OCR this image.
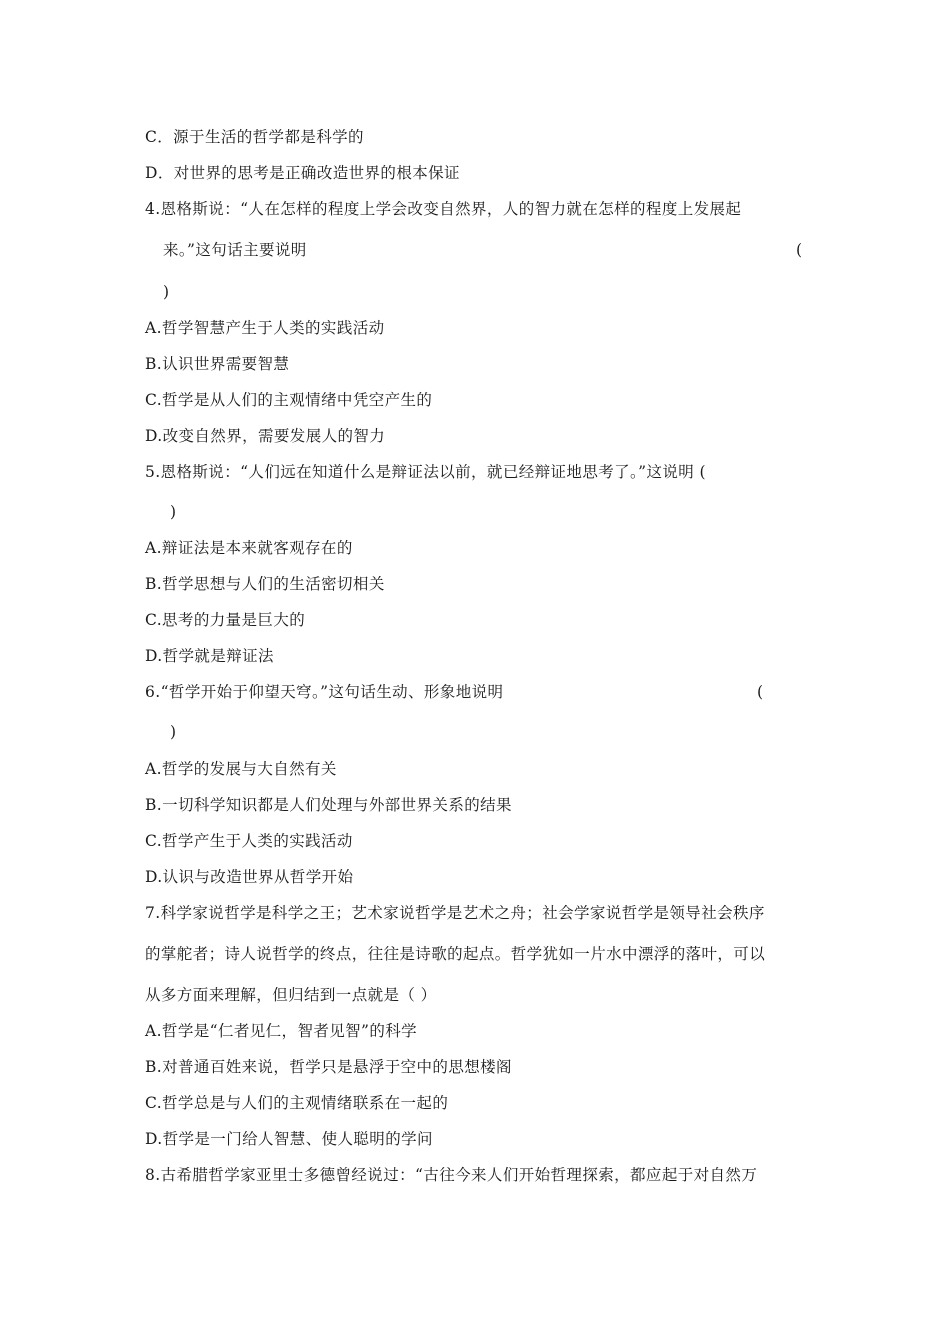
C．源于生活的哲学都是科学的
D．对世界的思考是正确改造世界的根本保证
4.恩格斯说：“人在怎样的程度上学会改变自然界，人的智力就在怎样的程度上发展起
来。”这句话主要说明	(
)
A.哲学智慧产生于人类的实践活动
B.认识世界需要智慧
C.哲学是从人们的主观情绪中凭空产生的
D.改变自然界，需要发展人的智力
5.恩格斯说：“人们远在知道什么是辩证法以前，就已经辩证地思考了。”这说明 (
)
A.辩证法是本来就客观存在的
B.哲学思想与人们的生活密切相关
C.思考的力量是巨大的
D.哲学就是辩证法
6.“哲学开始于仰望天穹。”这句话生动、形象地说明	(
)
A.哲学的发展与大自然有关
B.一切科学知识都是人们处理与外部世界关系的结果
C.哲学产生于人类的实践活动
D.认识与改造世界从哲学开始
7.科学家说哲学是科学之王；艺术家说哲学是艺术之舟；社会学家说哲学是领导社会秩序
的掌舵者；诗人说哲学的终点，往往是诗歌的起点。哲学犹如一片水中漂浮的落叶，可以
从多方面来理解，但归结到一点就是（ ）
A.哲学是“仁者见仁，智者见智”的科学
B.对普通百姓来说，哲学只是悬浮于空中的思想楼阁
C.哲学总是与人们的主观情绪联系在一起的
D.哲学是一门给人智慧、使人聪明的学问
8.古希腊哲学家亚里士多德曾经说过：“古往今来人们开始哲理探索，都应起于对自然万
